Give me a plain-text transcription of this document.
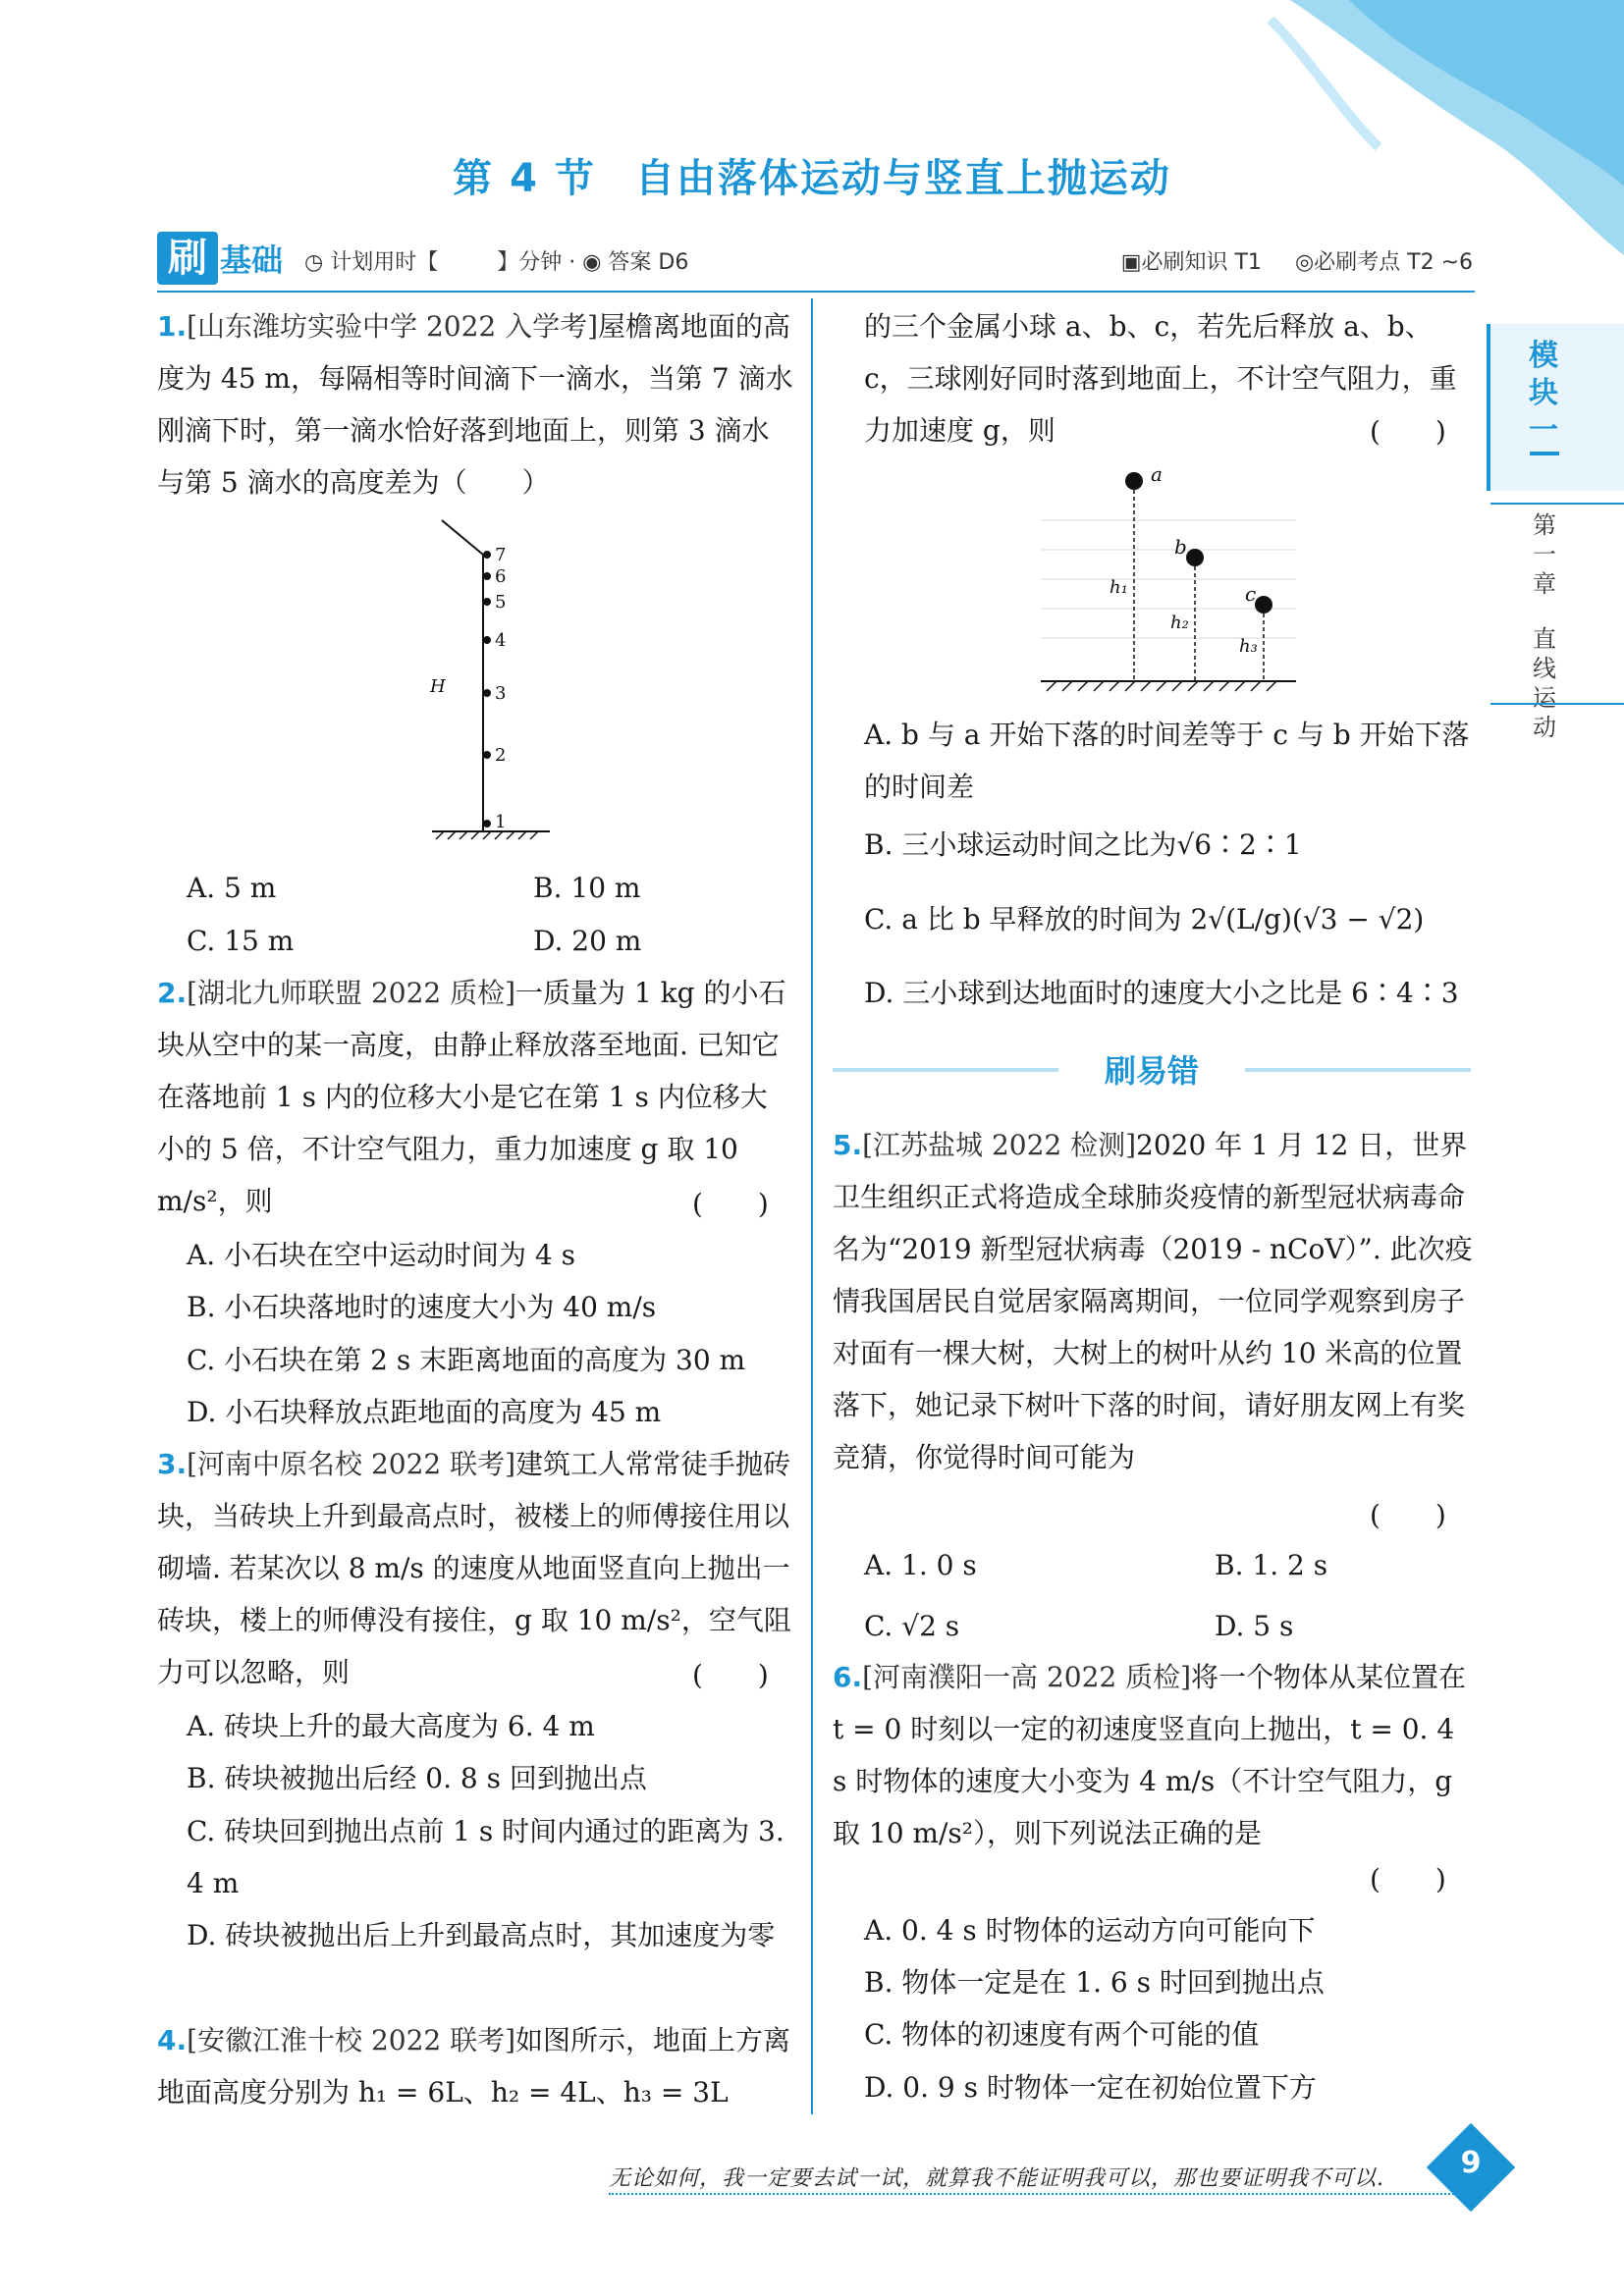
第 4 节 自由落体运动与竖直上抛运动
刷 基础 ◷ 计划用时【	】分钟 · ◉ 答案 D6	▣必刷知识 T1 ◎必刷考点 T2 ~6
模块一
第一章
直线运动
1.[山东潍坊实验中学 2022 入学考]屋檐离地面的高度为 45 m，每隔相等时间滴下一滴水，当第 7 滴水刚滴下时，第一滴水恰好落到地面上，则第 3 滴水与第 5 滴水的高度差为（　　）
7
6
5
4
3
2
1
H
A. 5 m	B. 10 m
C. 15 m	D. 20 m
2.[湖北九师联盟 2022 质检]一质量为 1 kg 的小石块从空中的某一高度，由静止释放落至地面. 已知它在落地前 1 s 内的位移大小是它在第 1 s 内位移大小的 5 倍，不计空气阻力，重力加速度 g 取 10 m/s²，则	(　　)
A. 小石块在空中运动时间为 4 s
B. 小石块落地时的速度大小为 40 m/s
C. 小石块在第 2 s 末距离地面的高度为 30 m
D. 小石块释放点距地面的高度为 45 m
3.[河南中原名校 2022 联考]建筑工人常常徒手抛砖块，当砖块上升到最高点时，被楼上的师傅接住用以砌墙. 若某次以 8 m/s 的速度从地面竖直向上抛出一砖块，楼上的师傅没有接住，g 取 10 m/s²，空气阻力可以忽略，则	(　　)
A. 砖块上升的最大高度为 6. 4 m
B. 砖块被抛出后经 0. 8 s 回到抛出点
C. 砖块回到抛出点前 1 s 时间内通过的距离为 3. 4 m
D. 砖块被抛出后上升到最高点时，其加速度为零
4.[安徽江淮十校 2022 联考]如图所示，地面上方离地面高度分别为 h₁ = 6L、h₂ = 4L、h₃ = 3L
的三个金属小球 a、b、c，若先后释放 a、b、c，三球刚好同时落到地面上，不计空气阻力，重力加速度 g，则	(　　)
a
b
c
h₁
h₂
h₃
A. b 与 a 开始下落的时间差等于 c 与 b 开始下落的时间差
B. 三小球运动时间之比为√6∶2∶1
C. a 比 b 早释放的时间为 2√(L/g)(√3 − √2)
D. 三小球到达地面时的速度大小之比是 6∶4∶3
刷易错
5.[江苏盐城 2022 检测]2020 年 1 月 12 日，世界卫生组织正式将造成全球肺炎疫情的新型冠状病毒命名为“2019 新型冠状病毒（2019 - nCoV）”. 此次疫情我国居民自觉居家隔离期间，一位同学观察到房子对面有一棵大树，大树上的树叶从约 10 米高的位置落下，她记录下树叶下落的时间，请好朋友网上有奖竞猜，你觉得时间可能为
(　　)
A. 1. 0 s	B. 1. 2 s
C. √2 s	D. 5 s
6.[河南濮阳一高 2022 质检]将一个物体从某位置在 t = 0 时刻以一定的初速度竖直向上抛出，t = 0. 4 s 时物体的速度大小变为 4 m/s（不计空气阻力，g 取 10 m/s²），则下列说法正确的是
(　　)
A. 0. 4 s 时物体的运动方向可能向下
B. 物体一定是在 1. 6 s 时回到抛出点
C. 物体的初速度有两个可能的值
D. 0. 9 s 时物体一定在初始位置下方
无论如何，我一定要去试一试，就算我不能证明我可以，那也要证明我不可以.	9
